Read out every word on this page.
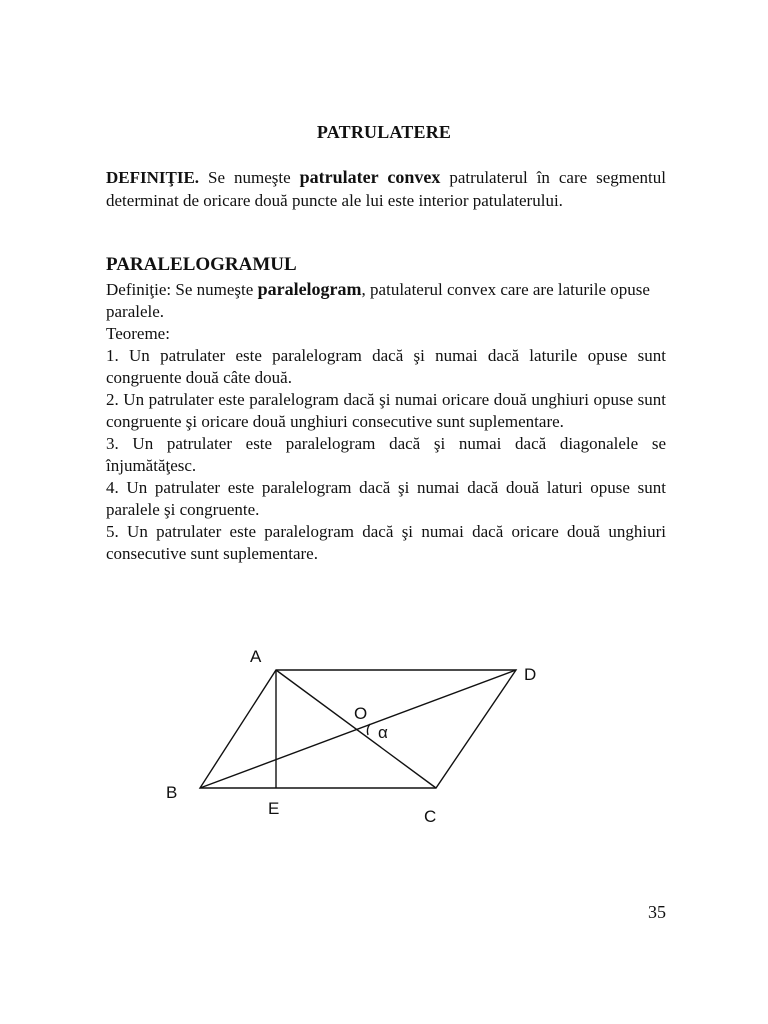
PATRULATERE
DEFINIŢIE. Se numeşte patrulater convex patrulaterul în care segmentul determinat de oricare două puncte ale lui este interior patulaterului.
PARALELOGRAMUL

Definiţie: Se numeşte paralelogram, patulaterul convex care are laturile opuse paralele.

Teoreme:

1. Un patrulater este paralelogram dacă şi numai dacă laturile opuse sunt congruente două câte două.

2. Un patrulater este paralelogram dacă şi numai oricare două unghiuri opuse sunt congruente şi oricare două unghiuri consecutive sunt suplementare.

3. Un patrulater este paralelogram dacă şi numai dacă diagonalele se înjumătăţesc.

4. Un patrulater este paralelogram dacă şi numai dacă două laturi opuse sunt paralele şi congruente.

5. Un patrulater este paralelogram dacă şi numai dacă oricare două unghiuri consecutive sunt suplementare.

A
D
O
α
B
E	C
35
